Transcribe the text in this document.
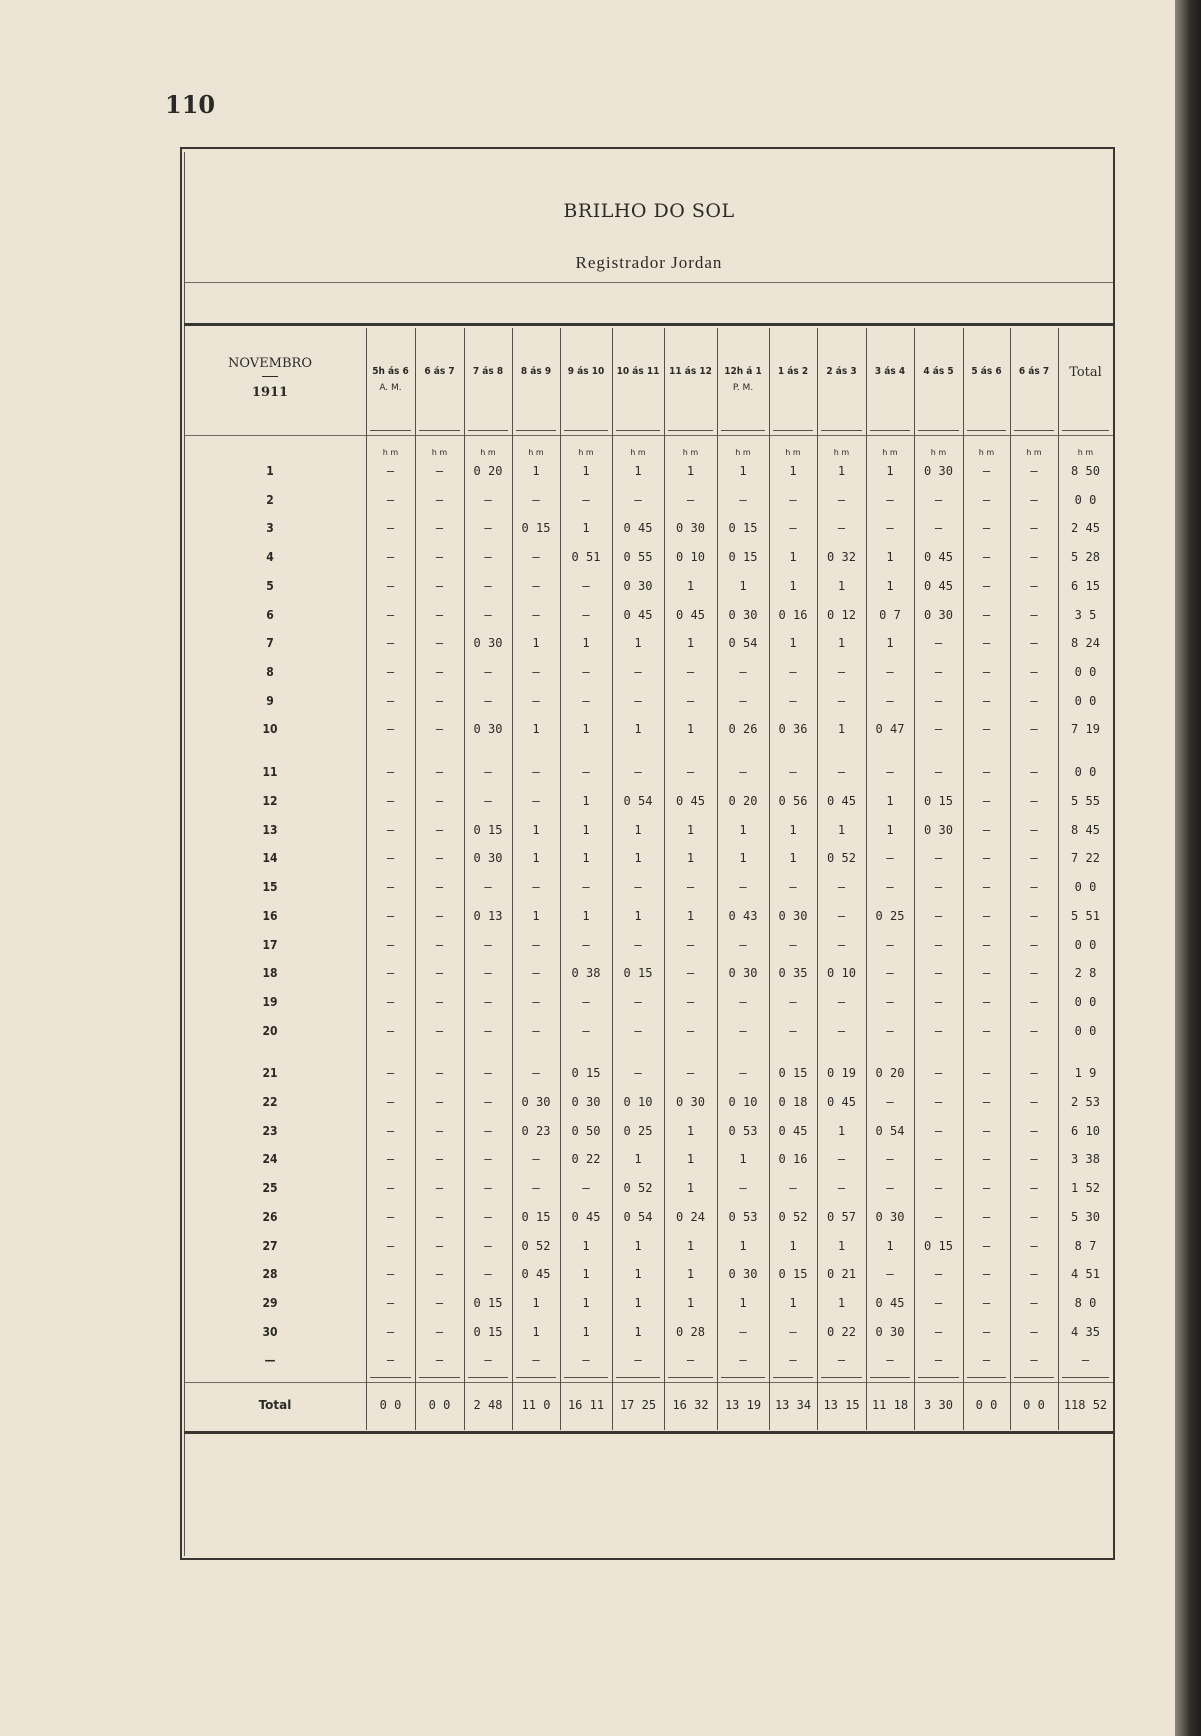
110
BRILHO DO SOL
Registrador Jordan
NOVEMBRO
1911
5h ás 6
A. M.
h m
—
—
—
—
—
—
—
—
—
—
—
—
—
—
—
—
—
—
—
—
—
—
—
—
—
—
—
—
—
—
—
0 0
6 ás 7
h m
—
—
—
—
—
—
—
—
—
—
—
—
—
—
—
—
—
—
—
—
—
—
—
—
—
—
—
—
—
—
—
0 0
7 ás 8
h m
0 20
—
—
—
—
—
0 30
—
—
0 30
—
—
0 15
0 30
—
0 13
—
—
—
—
—
—
—
—
—
—
—
—
0 15
0 15
—
2 48
8 ás 9
h m
1
—
0 15
—
—
—
1
—
—
1
—
—
1
1
—
1
—
—
—
—
—
0 30
0 23
—
—
0 15
0 52
0 45
1
1
—
11 0
9 ás 10
h m
1
—
1
0 51
—
—
1
—
—
1
—
1
1
1
—
1
—
0 38
—
—
0 15
0 30
0 50
0 22
—
0 45
1
1
1
1
—
16 11
10 ás 11
h m
1
—
0 45
0 55
0 30
0 45
1
—
—
1
—
0 54
1
1
—
1
—
0 15
—
—
—
0 10
0 25
1
0 52
0 54
1
1
1
1
—
17 25
11 ás 12
h m
1
—
0 30
0 10
1
0 45
1
—
—
1
—
0 45
1
1
—
1
—
—
—
—
—
0 30
1
1
1
0 24
1
1
1
0 28
—
16 32
12h á 1
P. M.
h m
1
—
0 15
0 15
1
0 30
0 54
—
—
0 26
—
0 20
1
1
—
0 43
—
0 30
—
—
—
0 10
0 53
1
—
0 53
1
0 30
1
—
—
13 19
1 ás 2
h m
1
—
—
1
1
0 16
1
—
—
0 36
—
0 56
1
1
—
0 30
—
0 35
—
—
0 15
0 18
0 45
0 16
—
0 52
1
0 15
1
—
—
13 34
2 ás 3
h m
1
—
—
0 32
1
0 12
1
—
—
1
—
0 45
1
0 52
—
—
—
0 10
—
—
0 19
0 45
1
—
—
0 57
1
0 21
1
0 22
—
13 15
3 ás 4
h m
1
—
—
1
1
0 7
1
—
—
0 47
—
1
1
—
—
0 25
—
—
—
—
0 20
—
0 54
—
—
0 30
1
—
0 45
0 30
—
11 18
4 ás 5
h m
0 30
—
—
0 45
0 45
0 30
—
—
—
—
—
0 15
0 30
—
—
—
—
—
—
—
—
—
—
—
—
—
0 15
—
—
—
—
3 30
5 ás 6
h m
—
—
—
—
—
—
—
—
—
—
—
—
—
—
—
—
—
—
—
—
—
—
—
—
—
—
—
—
—
—
—
0 0
6 ás 7
h m
—
—
—
—
—
—
—
—
—
—
—
—
—
—
—
—
—
—
—
—
—
—
—
—
—
—
—
—
—
—
—
0 0
Total
h m
8 50
0 0
2 45
5 28
6 15
3 5
8 24
0 0
0 0
7 19
0 0
5 55
8 45
7 22
0 0
5 51
0 0
2 8
0 0
0 0
1 9
2 53
6 10
3 38
1 52
5 30
8 7
4 51
8 0
4 35
—
118 52
1
2
3
4
5
6
7
8
9
10
11
12
13
14
15
16
17
18
19
20
21
22
23
24
25
26
27
28
29
30
—
Total
